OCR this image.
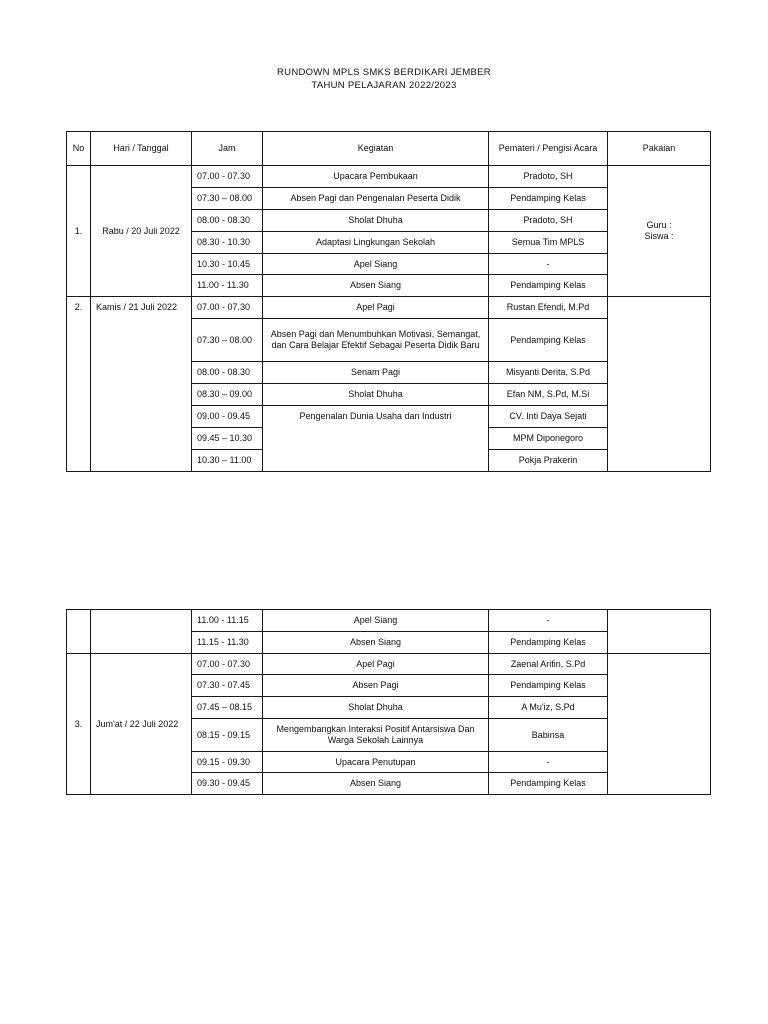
RUNDOWN MPLS SMKS BERDIKARI JEMBER
TAHUN PELAJARAN 2022/2023
No	Hari / Tanggal	Jam	Kegiatan	Pemateri / Pengisi Acara	Pakaian
1.	Rabu / 20 Juli 2022	07.00 - 07.30	Upacara Pembukaan	Pradoto, SH	Guru :
Siswa :

		07.30 – 08.00	Absen Pagi dan Pengenalan Peserta Didik	Pendamping Kelas	
		08.00 - 08.30	Sholat Dhuha	Pradoto, SH	
		08.30 - 10.30	Adaptasi Lingkungan Sekolah	Semua Tim MPLS	
		10.30 - 10.45	Apel Siang	-	
		11.00 - 11.30	Absen Siang	Pendamping Kelas	
2.	Kamis / 21 Juli 2022	07.00 - 07.30	Apel Pagi	Rustan Efendi, M.Pd	
		07.30 – 08.00	Absen Pagi dan Menumbuhkan Motivasi, Semangat, dan Cara Belajar Efektif Sebagai Peserta Didik Baru	Pendamping Kelas	
		08.00 - 08.30	Senam Pagi	Misyanti Derita, S.Pd	
		08.30 – 09.00	Sholat Dhuha	Efan NM, S.Pd, M.Si	
		09.00 - 09.45	Pengenalan Dunia Usaha dan Industri	CV. Inti Daya Sejati	
		09.45 – 10.30		MPM Diponegoro	
		10.30 – 11.00		Pokja Prakerin	
		11.00 - 11.15	Apel Siang	-	
		11.15 - 11.30	Absen Siang	Pendamping Kelas	
3.	Jum'at / 22 Juli 2022	07.00 - 07.30	Apel Pagi	Zaenal Arifin, S.Pd	
		07.30 - 07.45	Absen Pagi	Pendamping Kelas	
		07.45 – 08.15	Sholat Dhuha	A Mu'iz, S.Pd	
		08.15 - 09.15	Mengembangkan Interaksi Positif Antarsiswa Dan Warga Sekolah Lainnya	Babinsa	
		09.15 - 09.30	Upacara Penutupan	-	
		09.30 - 09.45	Absen Siang	Pendamping Kelas	
